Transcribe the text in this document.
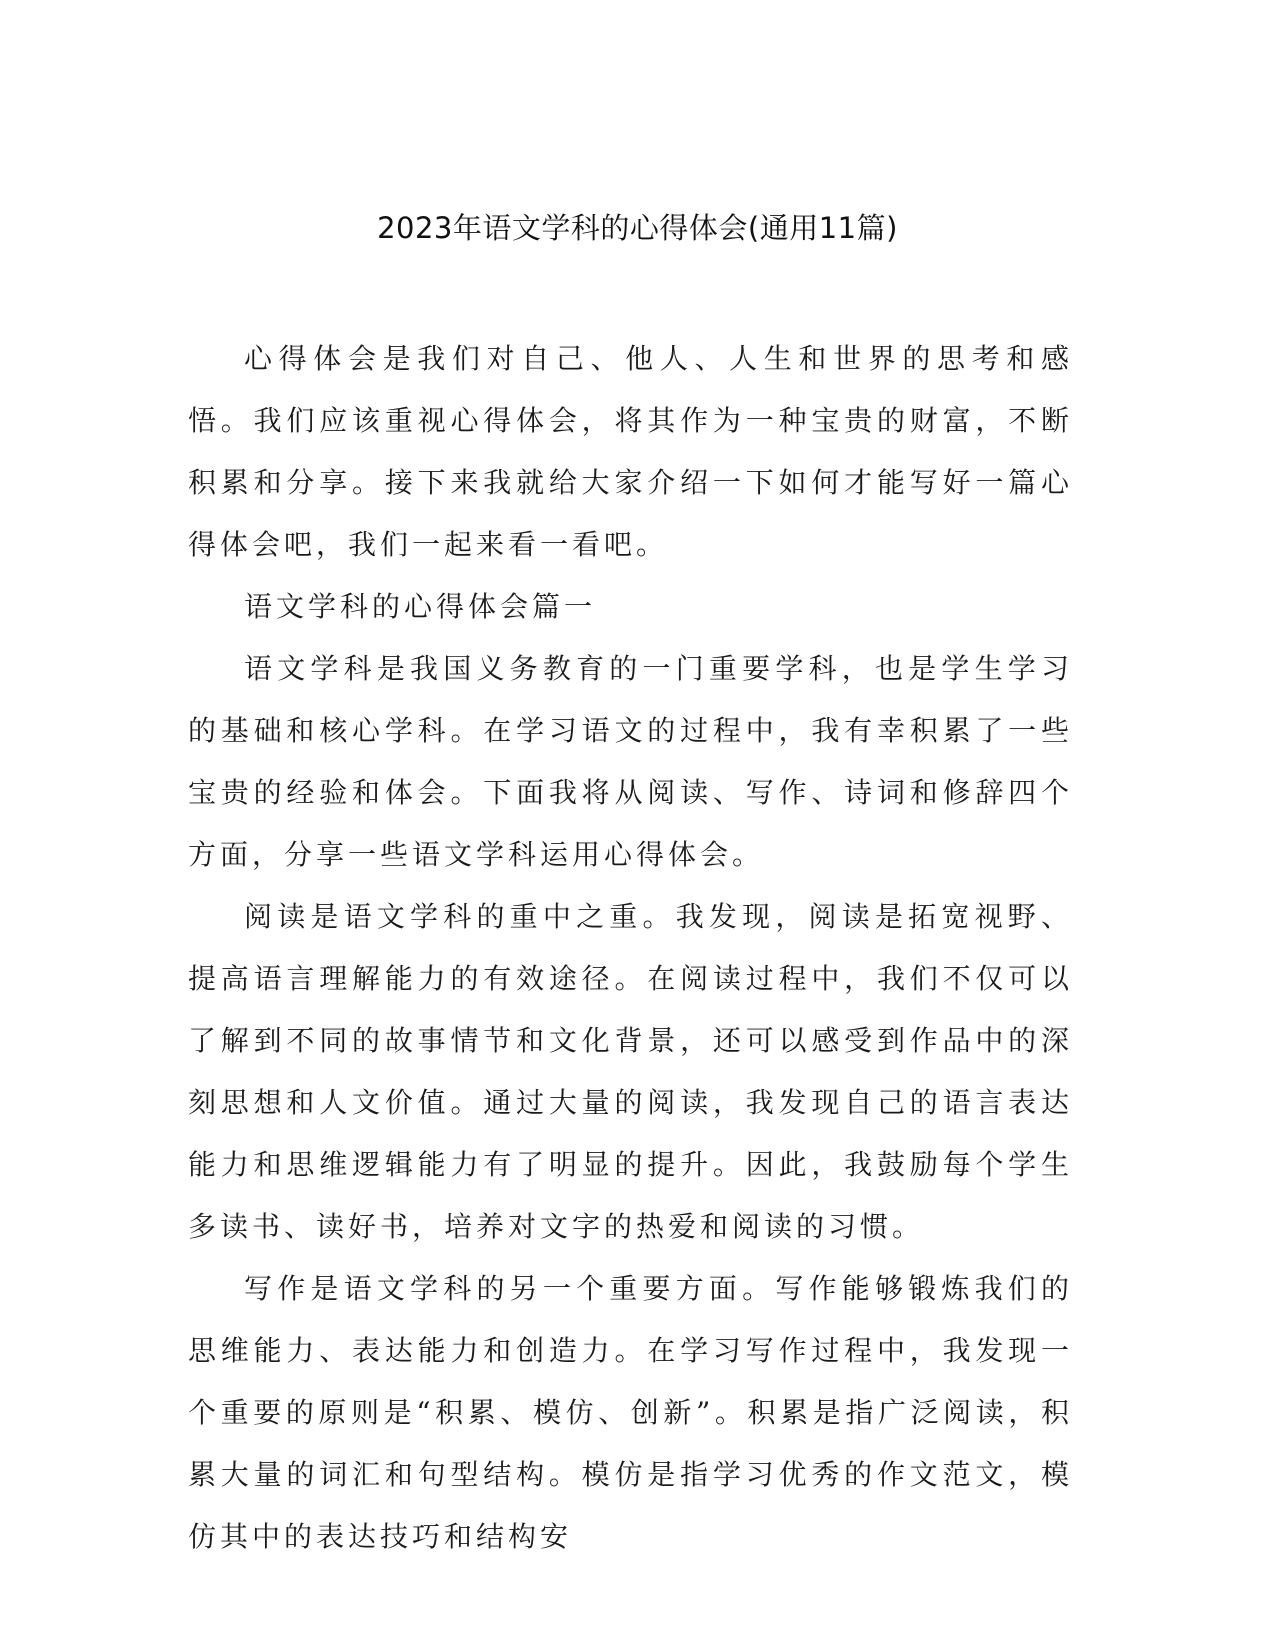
2023年语文学科的心得体会(通用11篇)

心得体会是我们对自己、他人、人生和世界的思考和感悟。我们应该重视心得体会，将其作为一种宝贵的财富，不断积累和分享。接下来我就给大家介绍一下如何才能写好一篇心得体会吧，我们一起来看一看吧。

语文学科的心得体会篇一

语文学科是我国义务教育的一门重要学科，也是学生学习的基础和核心学科。在学习语文的过程中，我有幸积累了一些宝贵的经验和体会。下面我将从阅读、写作、诗词和修辞四个方面，分享一些语文学科运用心得体会。

阅读是语文学科的重中之重。我发现，阅读是拓宽视野、提高语言理解能力的有效途径。在阅读过程中，我们不仅可以了解到不同的故事情节和文化背景，还可以感受到作品中的深刻思想和人文价值。通过大量的阅读，我发现自己的语言表达能力和思维逻辑能力有了明显的提升。因此，我鼓励每个学生多读书、读好书，培养对文字的热爱和阅读的习惯。

写作是语文学科的另一个重要方面。写作能够锻炼我们的思维能力、表达能力和创造力。在学习写作过程中，我发现一个重要的原则是“积累、模仿、创新”。积累是指广泛阅读，积累大量的词汇和句型结构。模仿是指学习优秀的作文范文，模仿其中的表达技巧和结构安
